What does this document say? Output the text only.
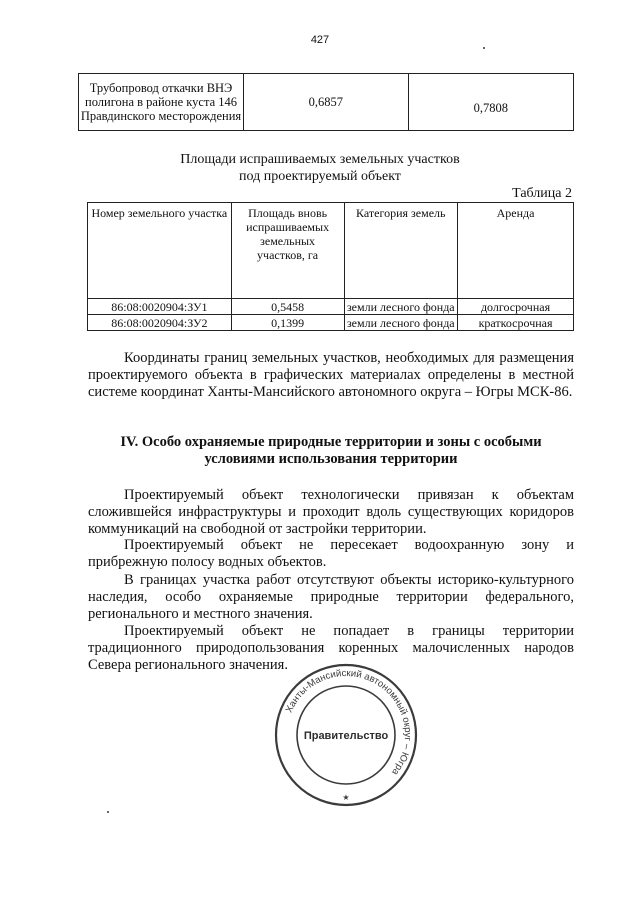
427
Трубопровод откачки ВНЭ полигона в районе куста 146 Правдинского месторождения	0,6857	0,7808
Площади испрашиваемых земельных участков
под проектируемый объект
Таблица 2
Номер земельного участка	Площадь вновь испрашиваемых земельных участков, га	Категория земель	Аренда
86:08:0020904:ЗУ1	0,5458	земли лесного фонда	долгосрочная
86:08:0020904:ЗУ2	0,1399	земли лесного фонда	краткосрочная

Координаты границ земельных участков, необходимых для размещения проектируемого объекта в графических материалах определены в местной системе координат Ханты-Мансийского автономного округа – Югры МСК-86.

IV. Особо охраняемые природные территории и зоны с особыми
условиями использования территории

Проектируемый объект технологически привязан к объектам сложившейся инфраструктуры и проходит вдоль существующих коридоров коммуникаций на свободной от застройки территории.

Проектируемый объект не пересекает водоохранную зону и прибрежную полосу водных объектов.

В границах участка работ отсутствуют объекты историко-культурного наследия, особо охраняемые природные территории федерального, регионального и местного значения.

Проектируемый объект не попадает в границы территории традиционного природопользования коренных малочисленных народов Севера регионального значения.

Ханты-Мансийский автономный округ – Югра
Правительство
★
